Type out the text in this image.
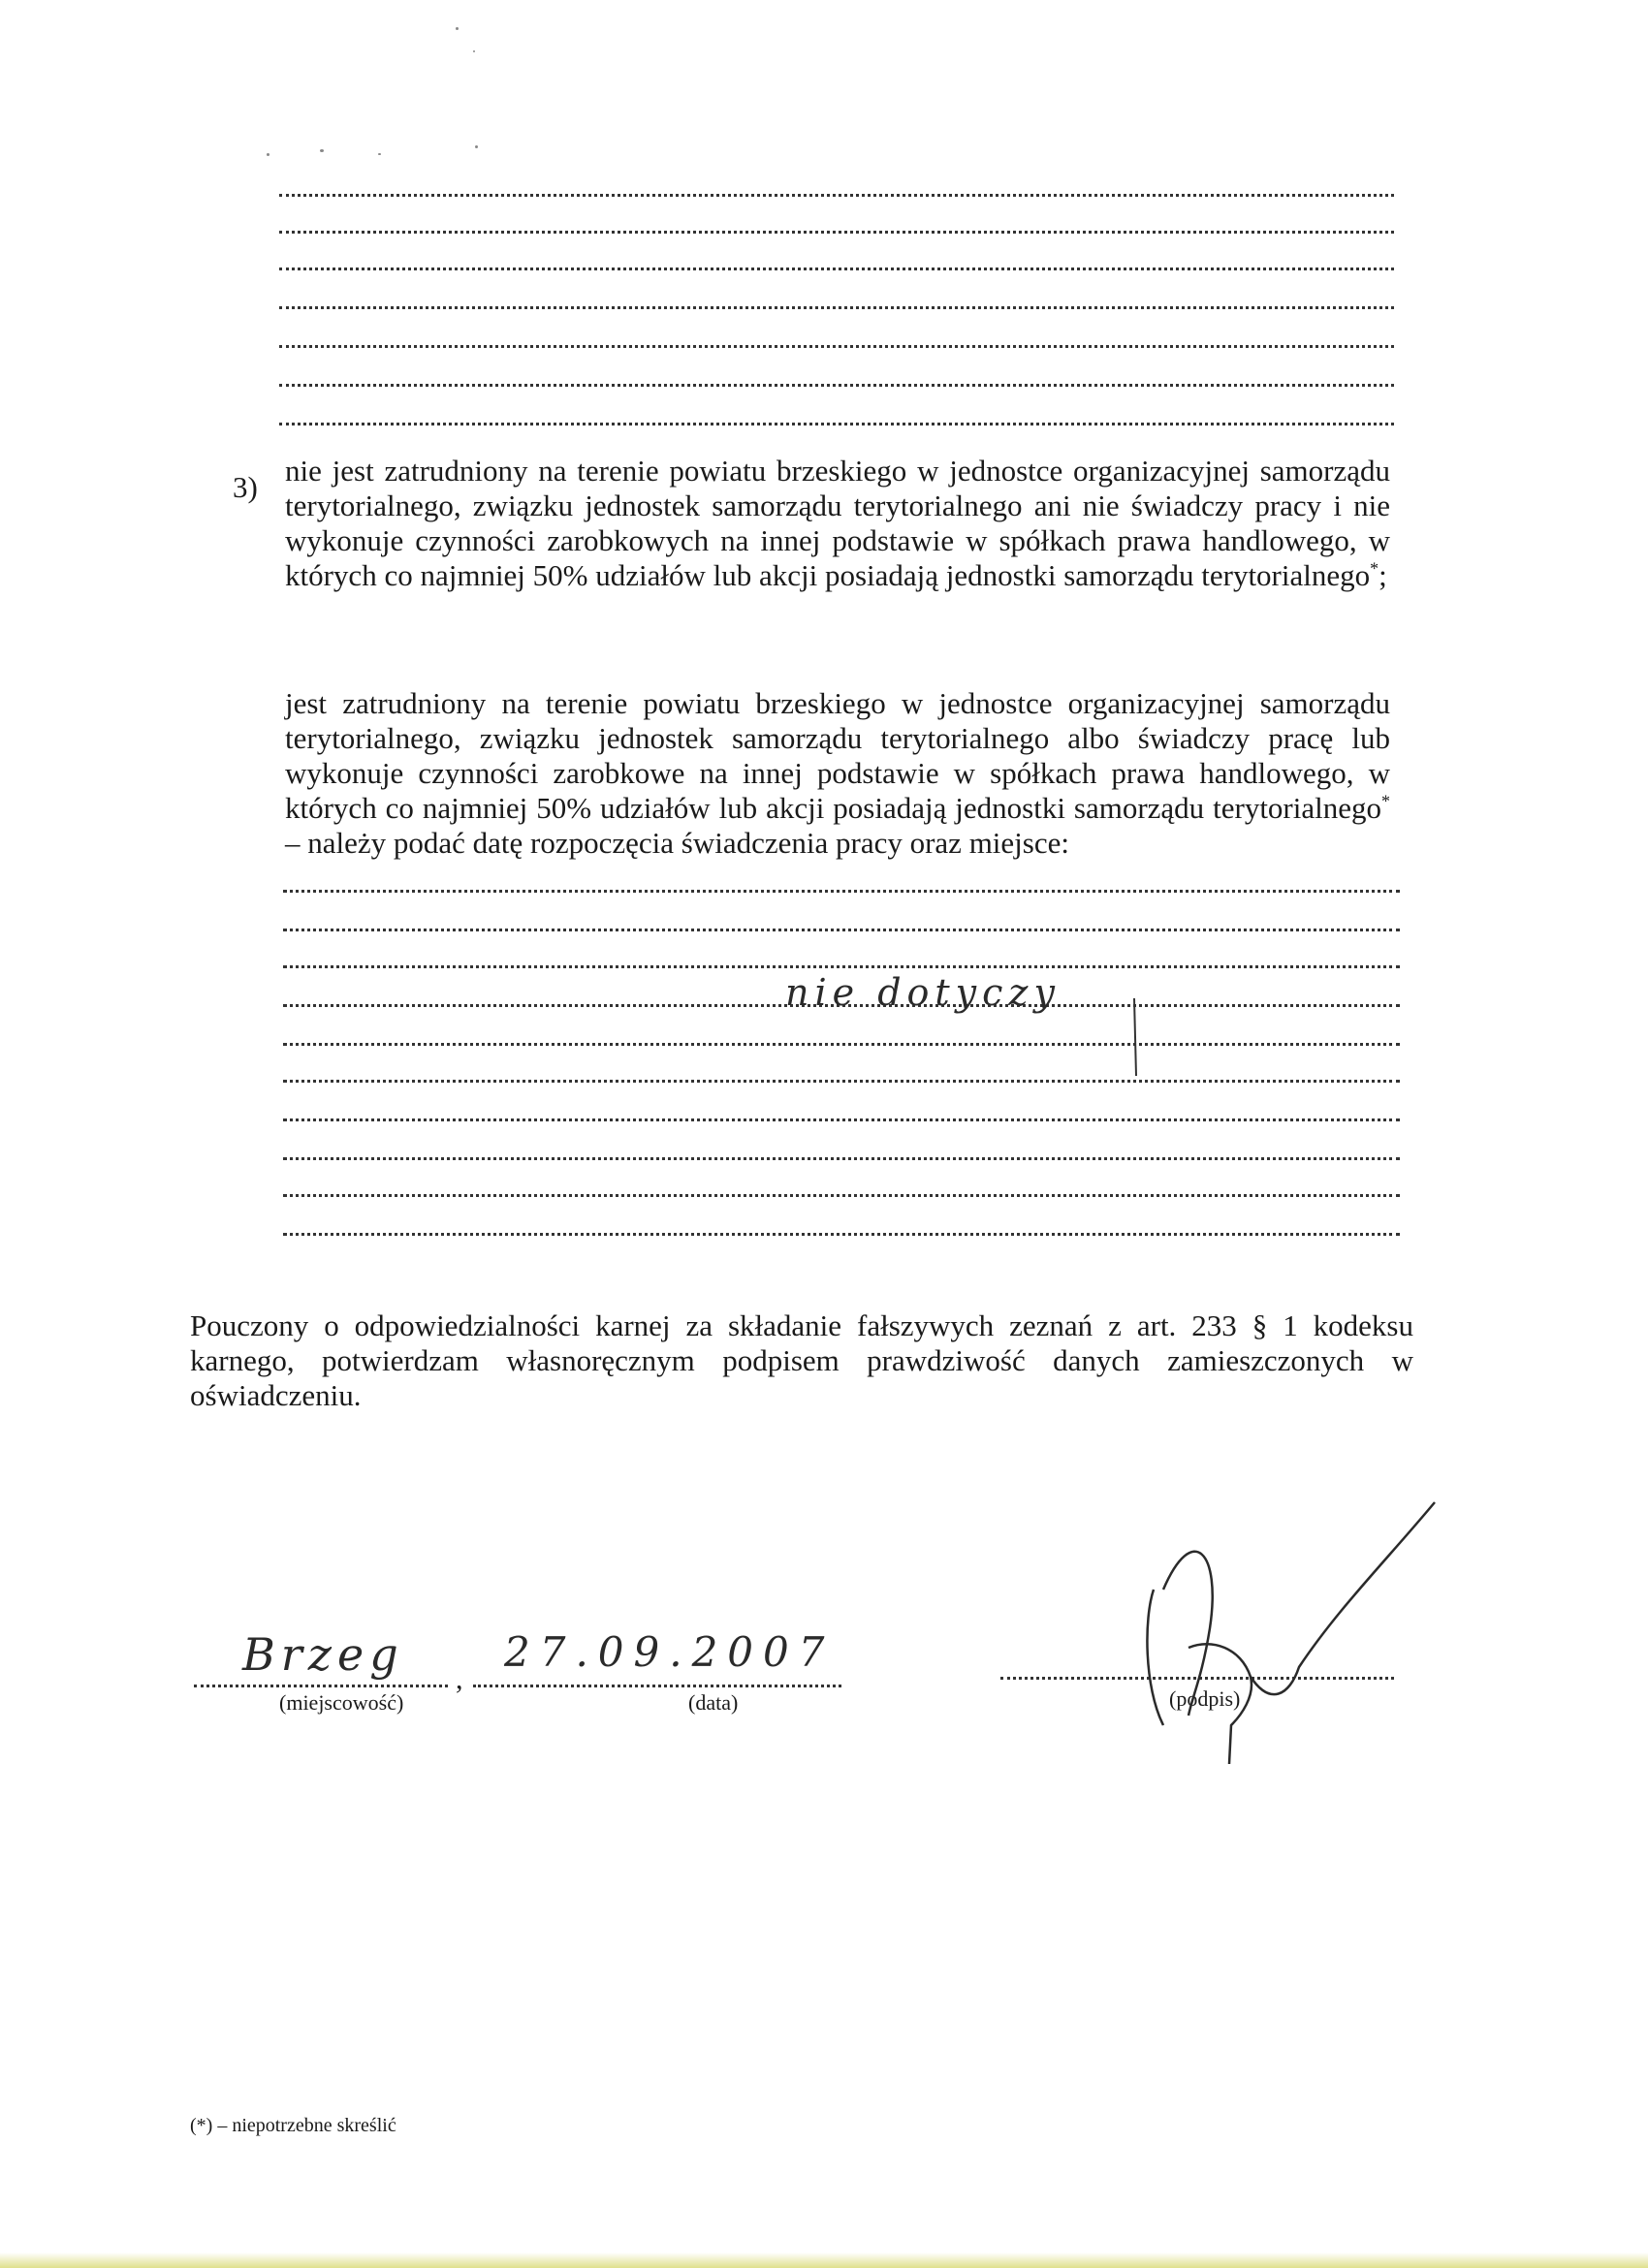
3) nie jest zatrudniony na terenie powiatu brzeskiego w jednostce organizacyjnej samorządu terytorialnego, związku jednostek samorządu terytorialnego ani nie świadczy pracy i nie wykonuje czynności zarobkowych na innej podstawie w spółkach prawa handlowego, w których co najmniej 50% udziałów lub akcji posiadają jednostki samorządu terytorialnego*;
jest zatrudniony na terenie powiatu brzeskiego w jednostce organizacyjnej samorządu terytorialnego, związku jednostek samorządu terytorialnego albo świadczy pracę lub wykonuje czynności zarobkowe na innej podstawie w spółkach prawa handlowego, w których co najmniej 50% udziałów lub akcji posiadają jednostki samorządu terytorialnego* – należy podać datę rozpoczęcia świadczenia pracy oraz miejsce:
nie dotyczy
Pouczony o odpowiedzialności karnej za składanie fałszywych zeznań z art. 233 § 1 kodeksu karnego, potwierdzam własnoręcznym podpisem prawdziwość danych zamieszczonych w oświadczeniu.
Brzeg
(miejscowość)
,
27.09.2007
(data)	(podpis)
(*) – niepotrzebne skreślić
